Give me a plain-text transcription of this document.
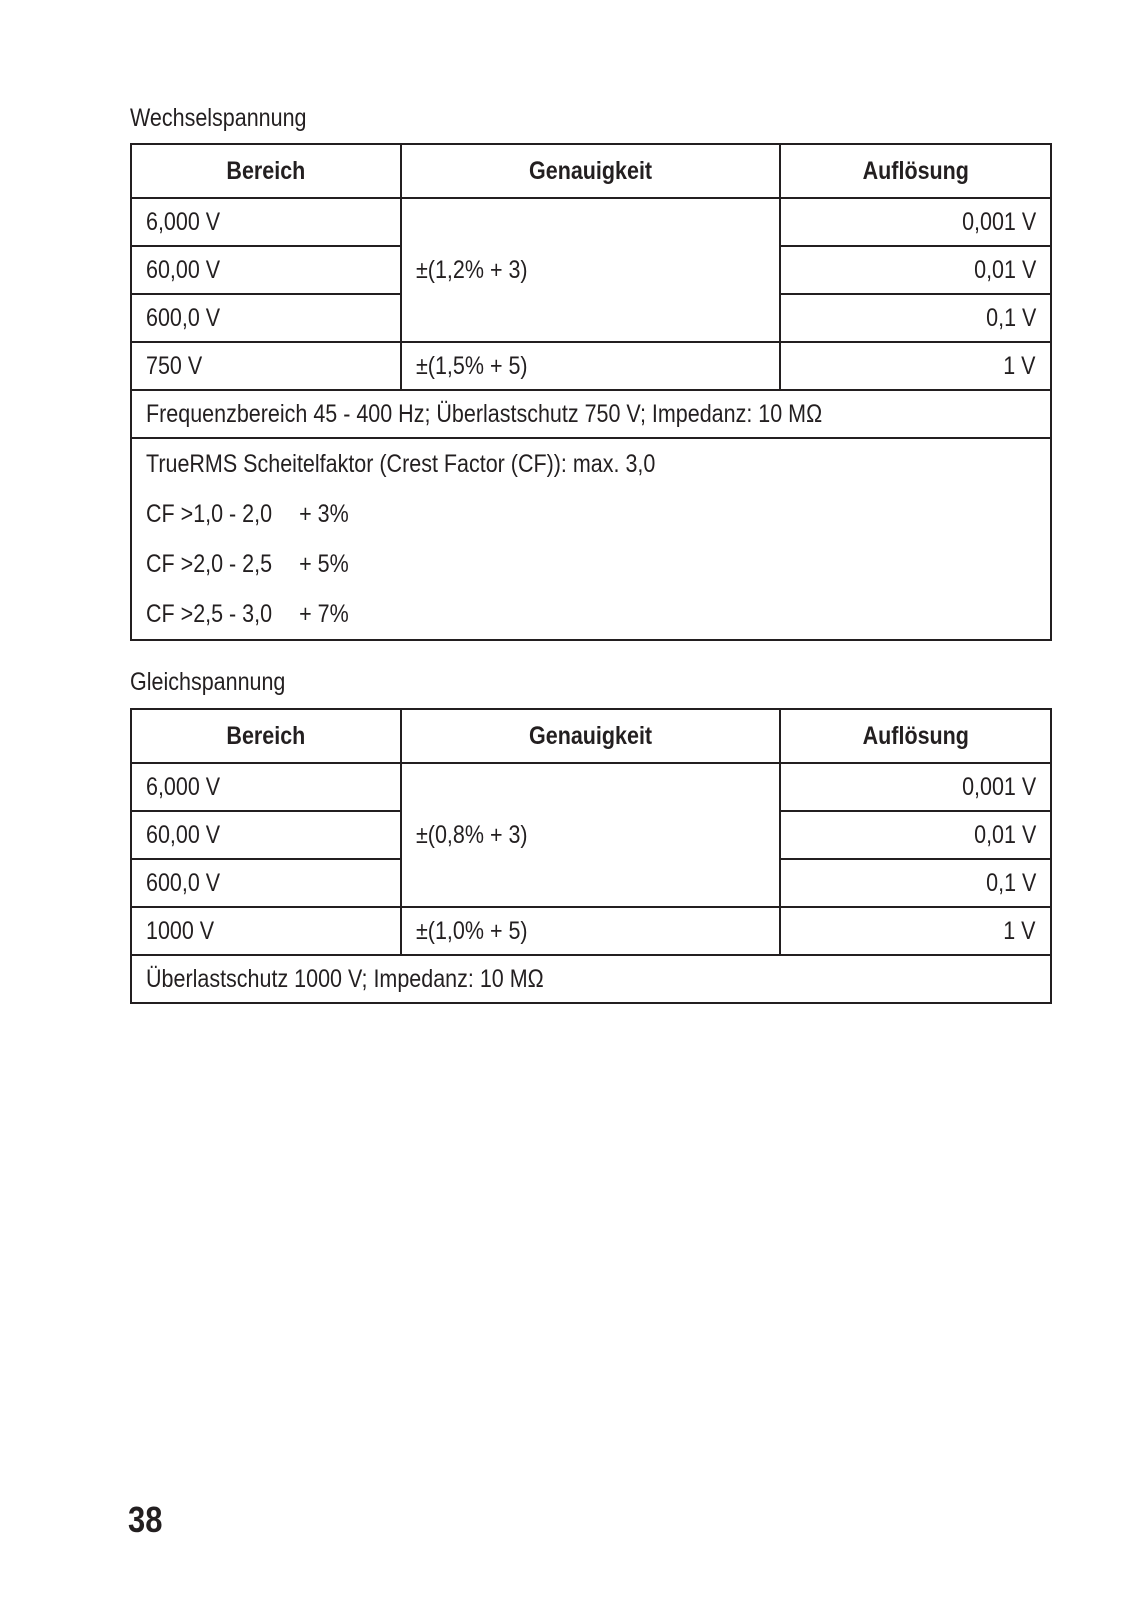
Wechselspannung
Bereich	Genauigkeit	Auflösung
6,000 V	±(1,2% + 3)	0,001 V
60,00 V		0,01 V
600,0 V		0,1 V
750 V	±(1,5% + 5)	1 V
Frequenzbereich 45 - 400 Hz; Überlastschutz 750 V; Impedanz: 10 MΩ		

TrueRMS Scheitelfaktor (Crest Factor (CF)): max. 3,0
CF >1,0 - 2,0 + 3%
CF >2,0 - 2,5 + 5%
CF >2,5 - 3,0 + 7%		
Gleichspannung
Bereich	Genauigkeit	Auflösung
6,000 V	±(0,8% + 3)	0,001 V
60,00 V		0,01 V
600,0 V		0,1 V
1000 V	±(1,0% + 5)	1 V
Überlastschutz 1000 V; Impedanz: 10 MΩ		
38
